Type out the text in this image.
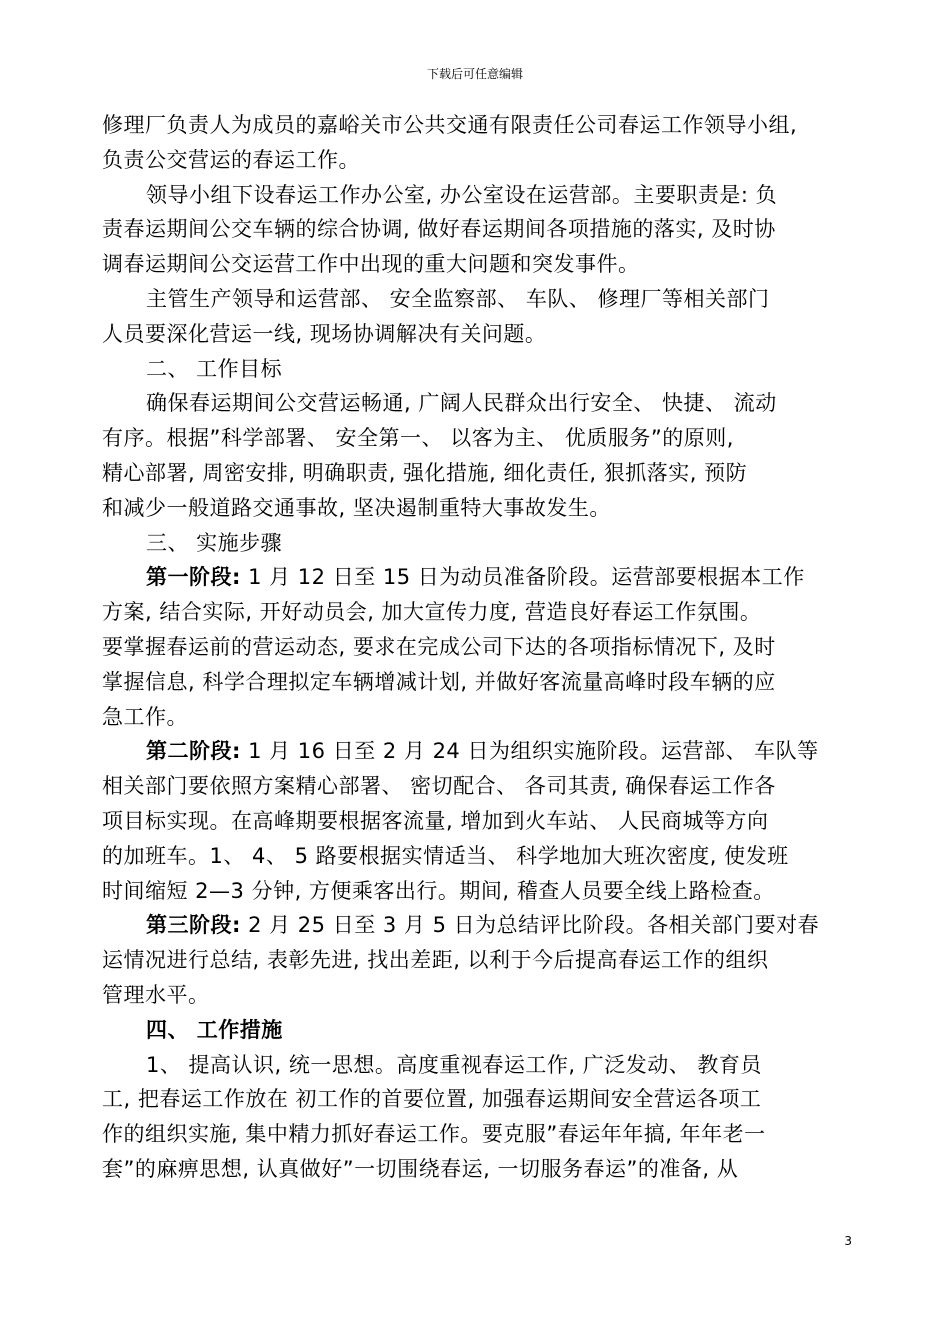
下载后可任意编辑
修理厂负责人为成员的嘉峪关市公共交通有限责任公司春运工作领导小组,
负责公交营运的春运工作。
领导小组下设春运工作办公室, 办公室设在运营部。主要职责是: 负
责春运期间公交车辆的综合协调, 做好春运期间各项措施的落实, 及时协
调春运期间公交运营工作中出现的重大问题和突发事件。
主管生产领导和运营部、 安全监察部、 车队、 修理厂等相关部门
人员要深化营运一线, 现场协调解决有关问题。
二、 工作目标
确保春运期间公交营运畅通, 广阔人民群众出行安全、 快捷、 流动
有序。根据”科学部署、 安全第一、 以客为主、 优质服务”的原则,
精心部署, 周密安排, 明确职责, 强化措施, 细化责任, 狠抓落实, 预防
和减少一般道路交通事故, 坚决遏制重特大事故发生。
三、 实施步骤
第一阶段: 1 月 12 日至 15 日为动员准备阶段。运营部要根据本工作
方案, 结合实际, 开好动员会, 加大宣传力度, 营造良好春运工作氛围。
要掌握春运前的营运动态, 要求在完成公司下达的各项指标情况下, 及时
掌握信息, 科学合理拟定车辆增减计划, 并做好客流量高峰时段车辆的应
急工作。
第二阶段: 1 月 16 日至 2 月 24 日为组织实施阶段。运营部、 车队等
相关部门要依照方案精心部署、 密切配合、 各司其责, 确保春运工作各
项目标实现。在高峰期要根据客流量, 增加到火车站、 人民商城等方向
的加班车。1、 4、 5 路要根据实情适当、 科学地加大班次密度, 使发班
时间缩短 2—3 分钟, 方便乘客出行。期间, 稽查人员要全线上路检查。
第三阶段: 2 月 25 日至 3 月 5 日为总结评比阶段。各相关部门要对春
运情况进行总结, 表彰先进, 找出差距, 以利于今后提高春运工作的组织
管理水平。
四、 工作措施
1、 提高认识, 统一思想。高度重视春运工作, 广泛发动、 教育员
工, 把春运工作放在 初工作的首要位置, 加强春运期间安全营运各项工
作的组织实施, 集中精力抓好春运工作。要克服”春运年年搞, 年年老一
套”的麻痹思想, 认真做好”一切围绕春运, 一切服务春运”的准备, 从
3
